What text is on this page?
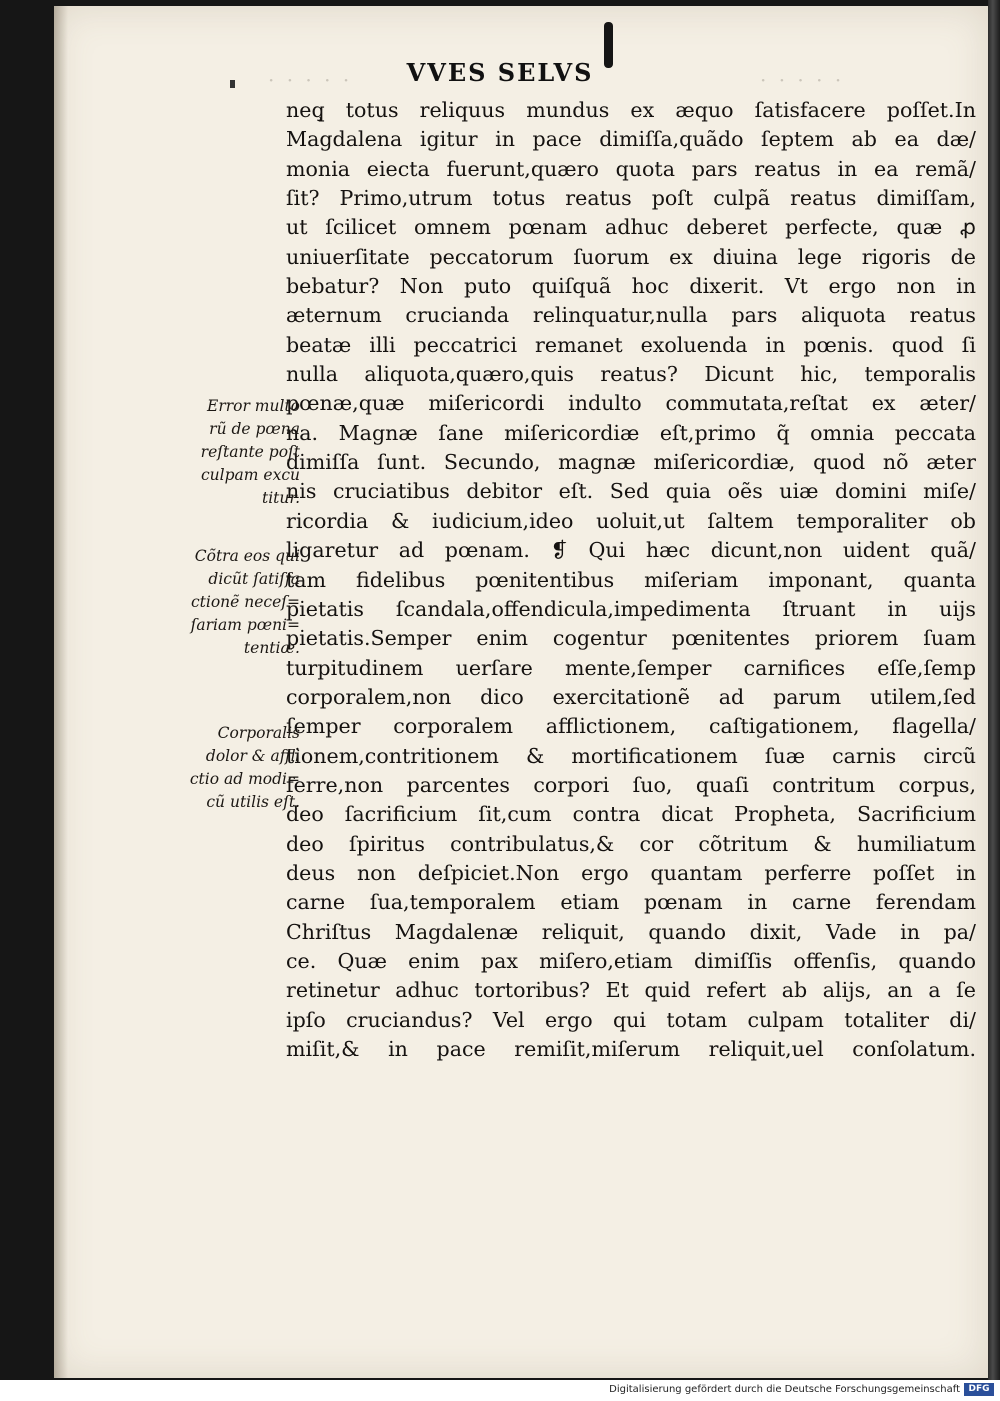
· · · · ·	· · · · ·
VVES SELVS
neq̧ totus reliquus mundus ex æquo ſatisfacere poſſet.In
Magdalena igitur in pace dimiſſa,quãdo ſeptem ab ea dæ/
monia eiecta fuerunt,quæro quota pars reatus in ea remã/
ſit? Primo,utrum totus reatus poſt culpã reatus dimiſſam,
ut ſcilicet omnem pœnam adhuc deberet perfecte, quæ ꝓ
uniuerſitate peccatorum ſuorum ex diuina lege rigoris de
bebatur? Non puto quiſquã hoc dixerit. Vt ergo non in
æternum crucianda relinquatur,nulla pars aliquota reatus
beatæ illi peccatrici remanet exoluenda in pœnis. quod ſi
nulla aliquota,quæro,quis reatus? Dicunt hic, temporalis
pœnæ,quæ miſericordi indulto commutata,reſtat ex æter/
na. Magnæ ſane miſericordiæ eſt,primo q̃ omnia peccata
dimiſſa ſunt. Secundo, magnæ miſericordiæ, quod nõ æter
nis cruciatibus debitor eſt. Sed quia oẽs uiæ domini miſe/
ricordia & iudicium,ideo uoluit,ut ſaltem temporaliter ob
ligaretur ad pœnam. ❡ Qui hæc dicunt,non uident quã/
tam fidelibus pœnitentibus miſeriam imponant, quanta
pietatis ſcandala,offendicula,impedimenta ſtruant in uijs
pietatis.Semper enim cogentur pœnitentes priorem ſuam
turpitudinem uerſare mente,ſemper carnifices eſſe,ſemp
corporalem,non dico exercitationẽ ad parum utilem,ſed
ſemper corporalem afflictionem, caſtigationem, flagella/
tionem,contritionem & mortificationem ſuæ carnis circũ
ferre,non parcentes corpori ſuo, quaſi contritum corpus,
deo ſacrificium ſit,cum contra dicat Propheta, Sacrificium
deo ſpiritus contribulatus,& cor cõtritum & humiliatum
deus non deſpiciet.Non ergo quantam perferre poſſet in
carne ſua,temporalem etiam pœnam in carne ferendam
Chriſtus Magdalenæ reliquit, quando dixit, Vade in pa/
ce. Quæ enim pax miſero,etiam dimiſſis offenſis, quando
retinetur adhuc tortoribus? Et quid refert ab alijs, an a ſe
ipſo cruciandus? Vel ergo qui totam culpam totaliter di/
miſit,& in pace remiſit,miſerum reliquit,uel conſolatum.
Error multo
rũ de pœna
reſtante poſt
culpam excu
titur.
Cõtra eos qui
dicũt ſatiſfa
ctionẽ neceſ=
ſariam pœni=
tentiæ.
Corporalis
dolor & affli
ctio ad modi=
cũ utilis eſt.
Digitalisierung gefördert durch die Deutsche Forschungsgemeinschaft DFG
